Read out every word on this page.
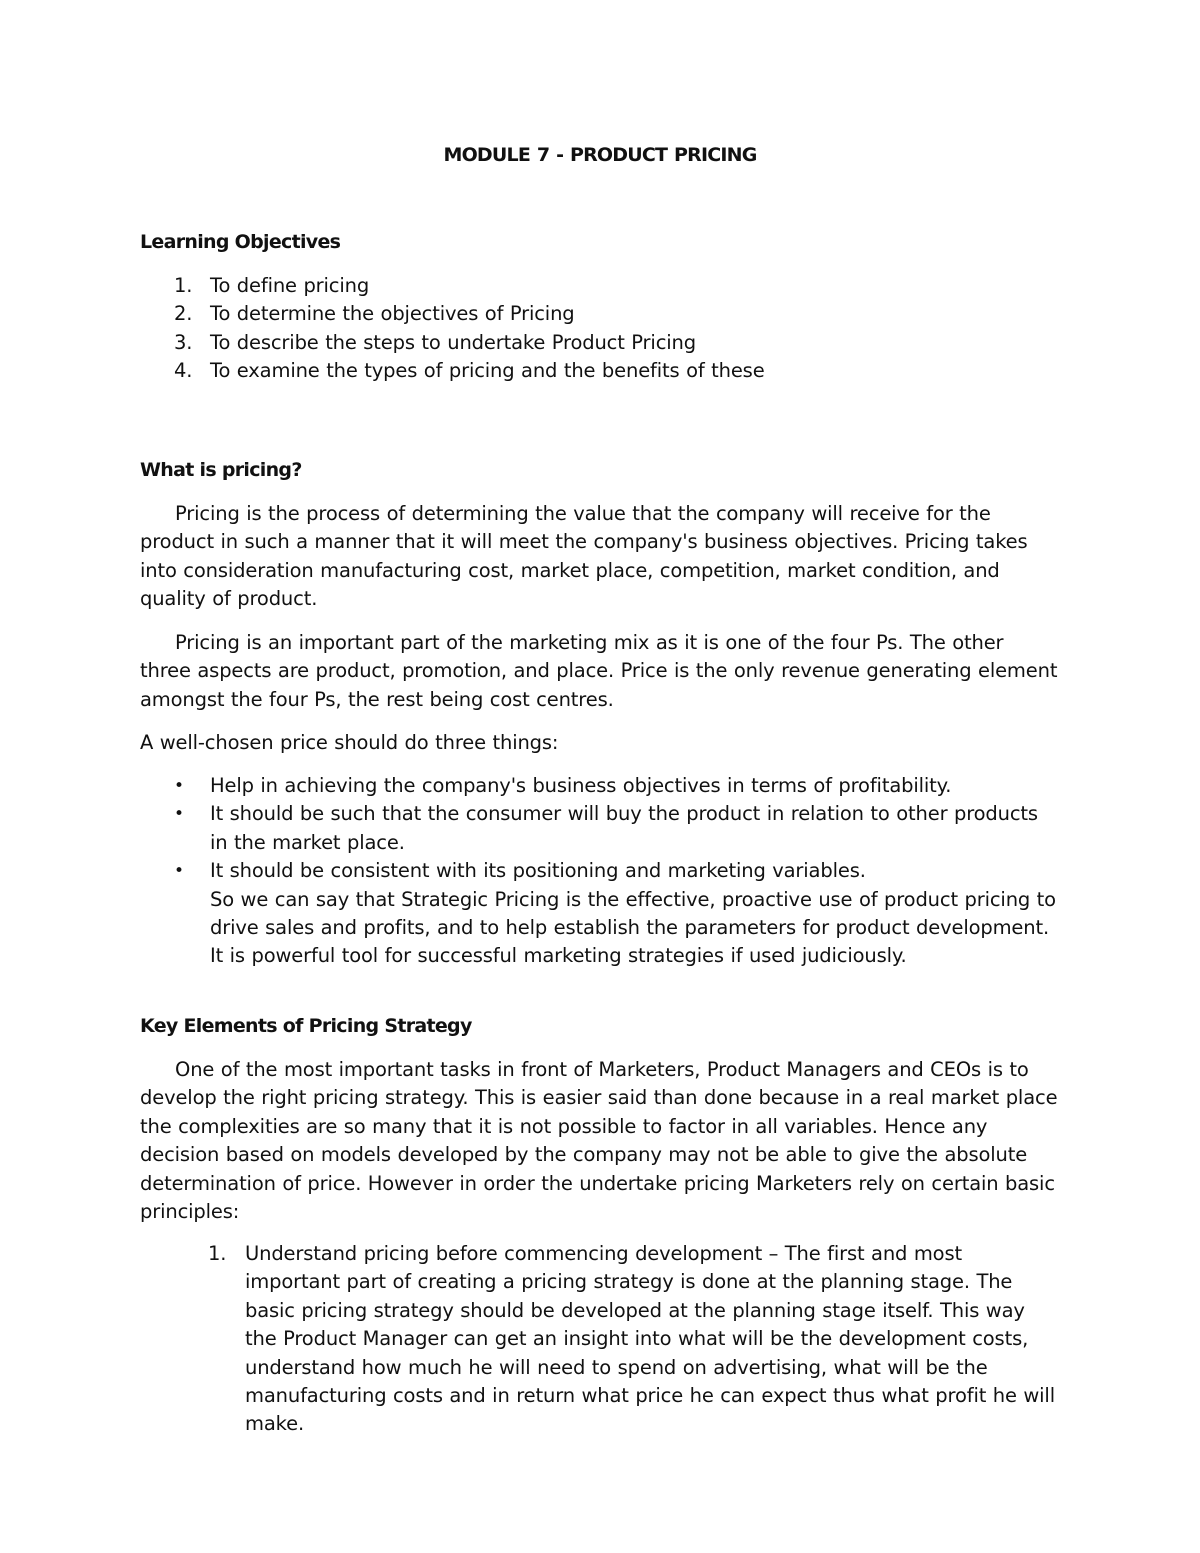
MODULE 7 - PRODUCT PRICING
Learning Objectives
1. To define pricing
2. To determine the objectives of Pricing
3. To describe the steps to undertake Product Pricing
4. To examine the types of pricing and the benefits of these
What is pricing?

Pricing is the process of determining the value that the company will receive for the product in such a manner that it will meet the company's business objectives. Pricing takes into consideration manufacturing cost, market place, competition, market condition, and quality of product.

Pricing is an important part of the marketing mix as it is one of the four Ps. The other three aspects are product, promotion, and place. Price is the only revenue generating element amongst the four Ps, the rest being cost centres.

A well-chosen price should do three things:

• Help in achieving the company's business objectives in terms of profitability.
• It should be such that the consumer will buy the product in relation to other products in the market place.
• It should be consistent with its positioning and marketing variables.
So we can say that Strategic Pricing is the effective, proactive use of product pricing to drive sales and profits, and to help establish the parameters for product development. It is powerful tool for successful marketing strategies if used judiciously.
Key Elements of Pricing Strategy

One of the most important tasks in front of Marketers, Product Managers and CEOs is to develop the right pricing strategy. This is easier said than done because in a real market place the complexities are so many that it is not possible to factor in all variables. Hence any decision based on models developed by the company may not be able to give the absolute determination of price. However in order the undertake pricing Marketers rely on certain basic principles:

1. Understand pricing before commencing development – The first and most important part of creating a pricing strategy is done at the planning stage. The basic pricing strategy should be developed at the planning stage itself. This way the Product Manager can get an insight into what will be the development costs, understand how much he will need to spend on advertising, what will be the manufacturing costs and in return what price he can expect thus what profit he will make.
